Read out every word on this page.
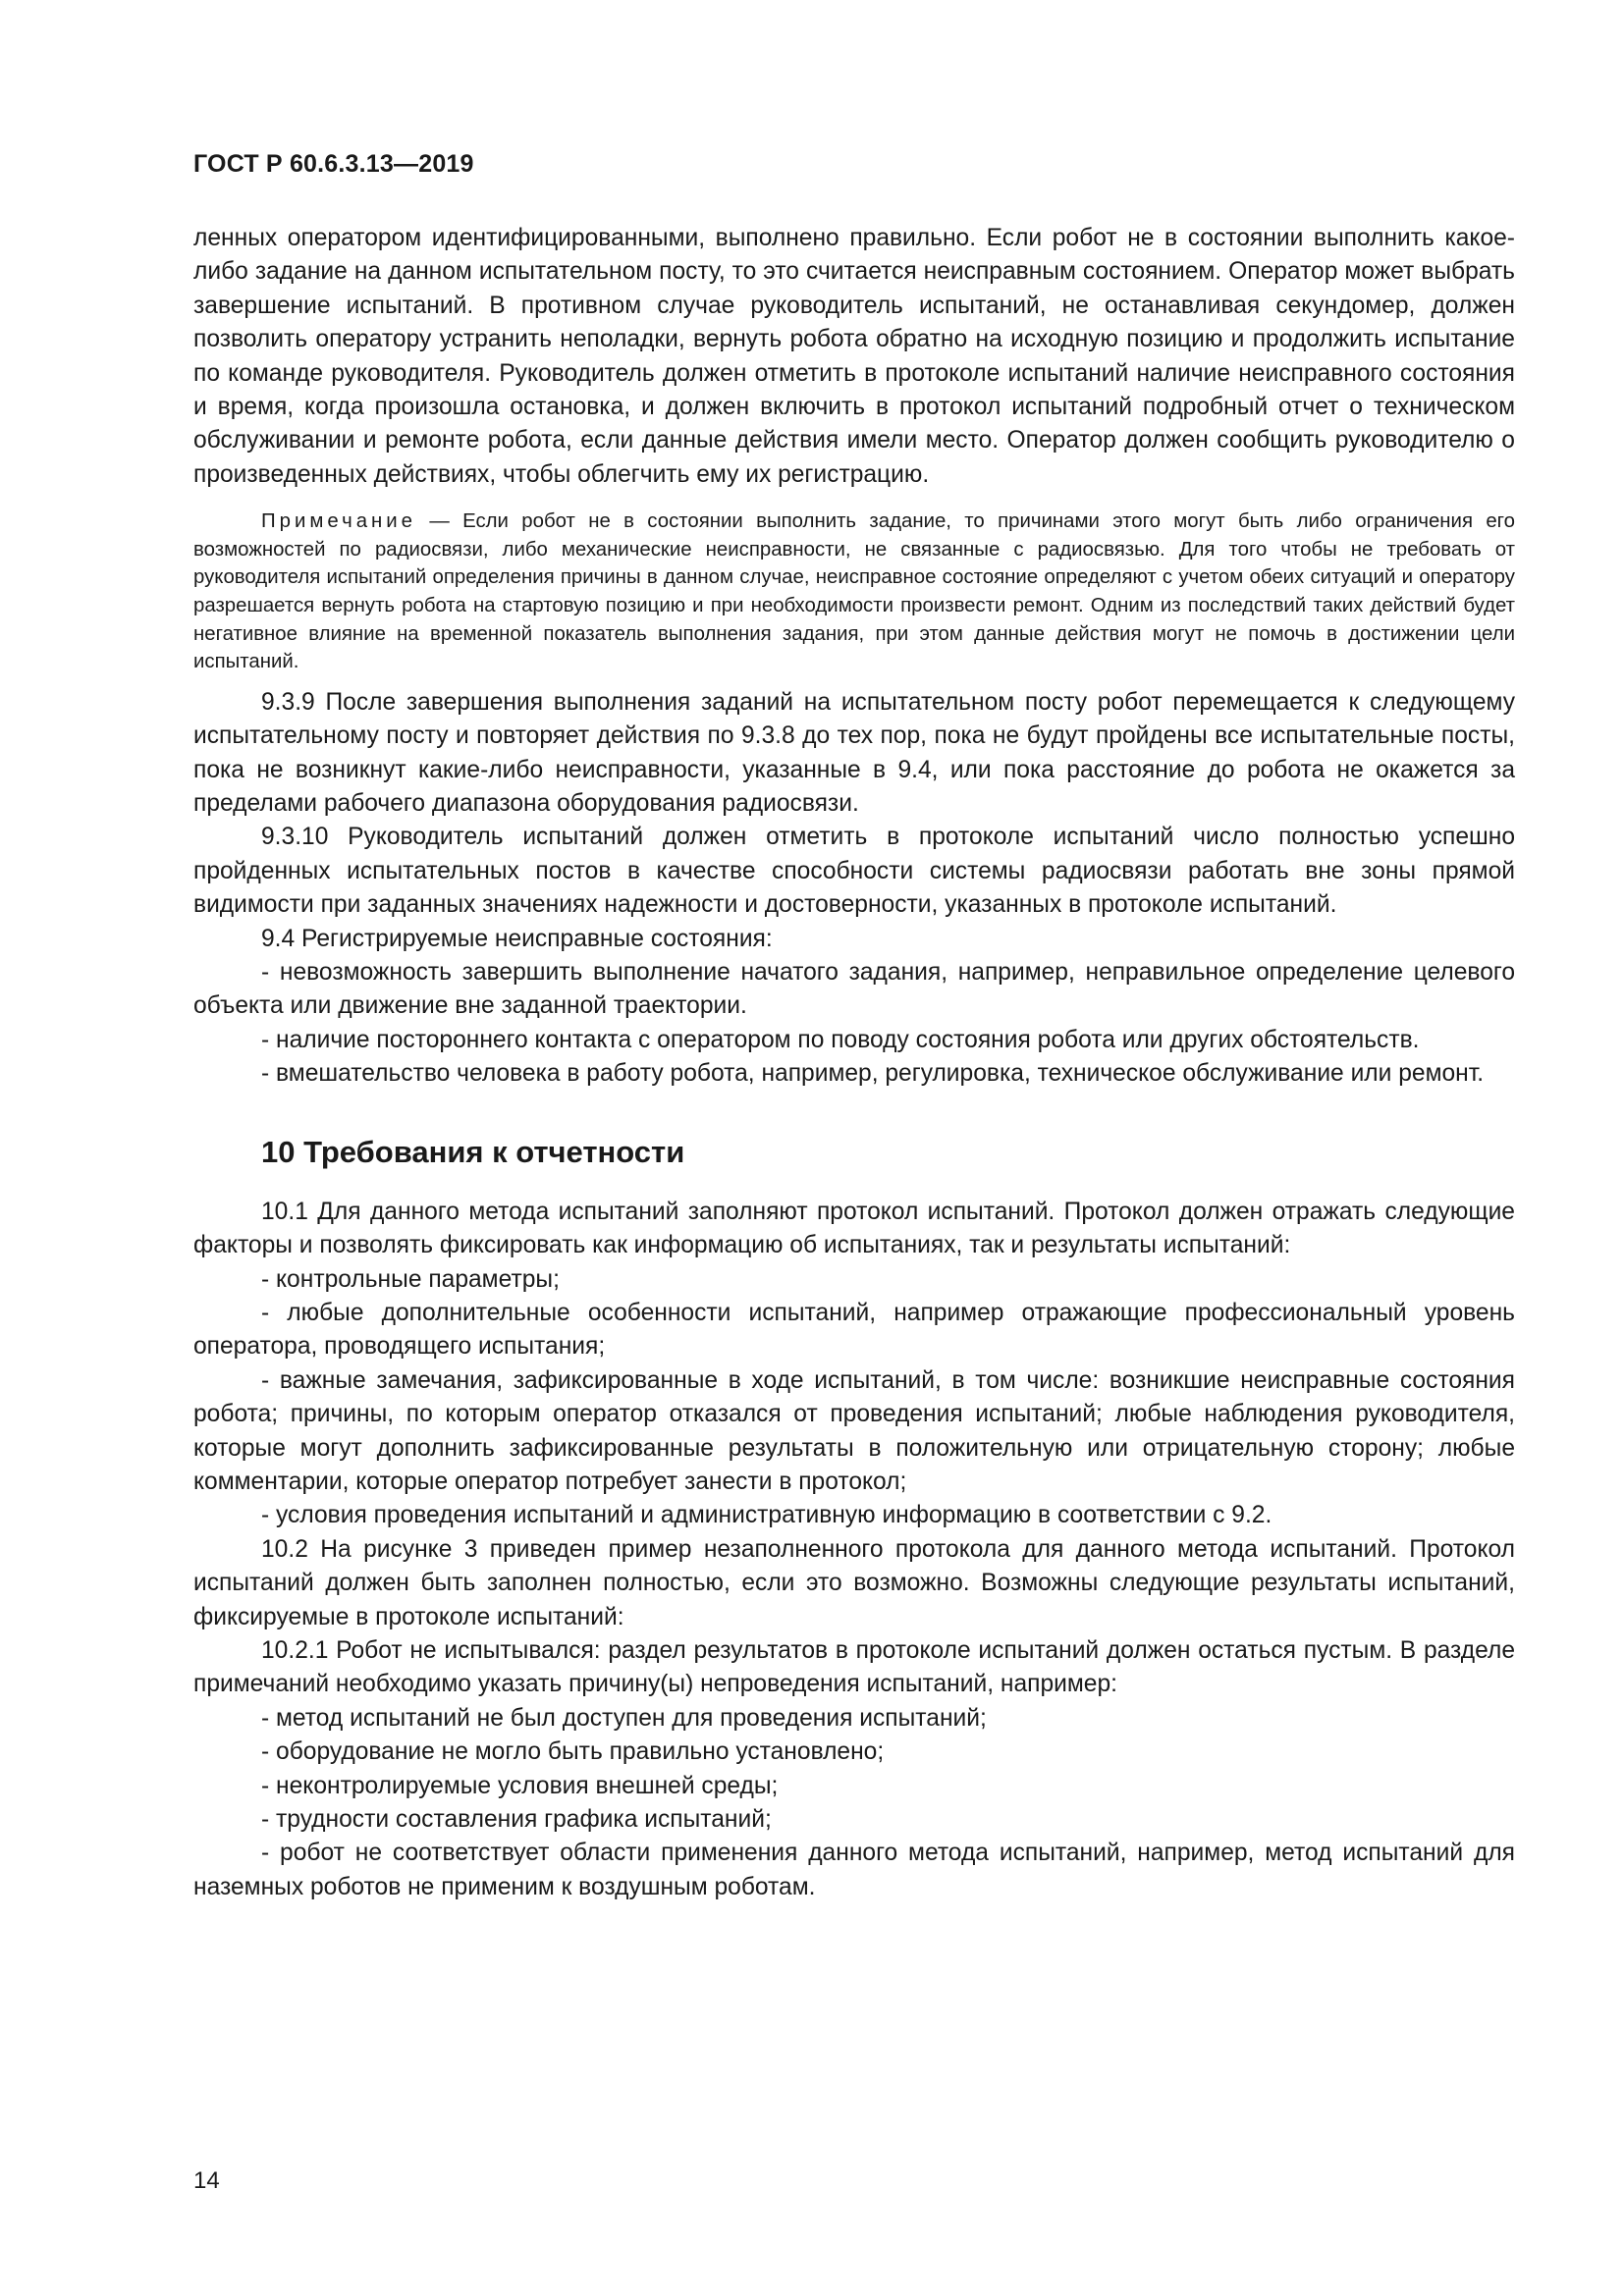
ГОСТ Р 60.6.3.13—2019

ленных оператором идентифицированными, выполнено правильно. Если робот не в состоянии выполнить какое-либо задание на данном испытательном посту, то это считается неисправным состоянием. Оператор может выбрать завершение испытаний. В противном случае руководитель испытаний, не останавливая секундомер, должен позволить оператору устранить неполадки, вернуть робота обратно на исходную позицию и продолжить испытание по команде руководителя. Руководитель должен отметить в протоколе испытаний наличие неисправного состояния и время, когда произошла остановка, и должен включить в протокол испытаний подробный отчет о техническом обслуживании и ремонте робота, если данные действия имели место. Оператор должен сообщить руководителю о произведенных действиях, чтобы облегчить ему их регистрацию.

Примечание — Если робот не в состоянии выполнить задание, то причинами этого могут быть либо ограничения его возможностей по радиосвязи, либо механические неисправности, не связанные с радиосвязью. Для того чтобы не требовать от руководителя испытаний определения причины в данном случае, неисправное состояние определяют с учетом обеих ситуаций и оператору разрешается вернуть робота на стартовую позицию и при необходимости произвести ремонт. Одним из последствий таких действий будет негативное влияние на временной показатель выполнения задания, при этом данные действия могут не помочь в достижении цели испытаний.

9.3.9 После завершения выполнения заданий на испытательном посту робот перемещается к следующему испытательному посту и повторяет действия по 9.3.8 до тех пор, пока не будут пройдены все испытательные посты, пока не возникнут какие-либо неисправности, указанные в 9.4, или пока расстояние до робота не окажется за пределами рабочего диапазона оборудования радиосвязи.

9.3.10 Руководитель испытаний должен отметить в протоколе испытаний число полностью успешно пройденных испытательных постов в качестве способности системы радиосвязи работать вне зоны прямой видимости при заданных значениях надежности и достоверности, указанных в протоколе испытаний.

9.4 Регистрируемые неисправные состояния:

- невозможность завершить выполнение начатого задания, например, неправильное определение целевого объекта или движение вне заданной траектории.

- наличие постороннего контакта с оператором по поводу состояния робота или других обстоятельств.

- вмешательство человека в работу робота, например, регулировка, техническое обслуживание или ремонт.

10 Требования к отчетности

10.1 Для данного метода испытаний заполняют протокол испытаний. Протокол должен отражать следующие факторы и позволять фиксировать как информацию об испытаниях, так и результаты испытаний:

- контрольные параметры;

- любые дополнительные особенности испытаний, например отражающие профессиональный уровень оператора, проводящего испытания;

- важные замечания, зафиксированные в ходе испытаний, в том числе: возникшие неисправные состояния робота; причины, по которым оператор отказался от проведения испытаний; любые наблюдения руководителя, которые могут дополнить зафиксированные результаты в положительную или отрицательную сторону; любые комментарии, которые оператор потребует занести в протокол;

- условия проведения испытаний и административную информацию в соответствии с 9.2.

10.2 На рисунке 3 приведен пример незаполненного протокола для данного метода испытаний. Протокол испытаний должен быть заполнен полностью, если это возможно. Возможны следующие результаты испытаний, фиксируемые в протоколе испытаний:

10.2.1 Робот не испытывался: раздел результатов в протоколе испытаний должен остаться пустым. В разделе примечаний необходимо указать причину(ы) непроведения испытаний, например:

- метод испытаний не был доступен для проведения испытаний;

- оборудование не могло быть правильно установлено;

- неконтролируемые условия внешней среды;

- трудности составления графика испытаний;

- робот не соответствует области применения данного метода испытаний, например, метод испытаний для наземных роботов не применим к воздушным роботам.

14
